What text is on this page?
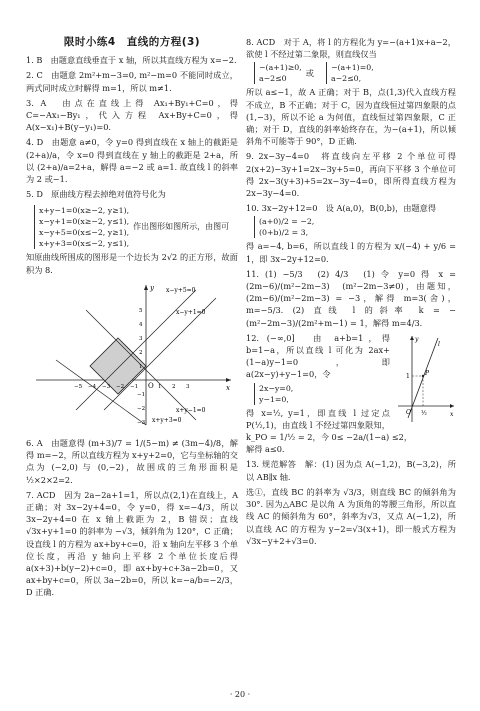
限时小练4　直线的方程(3)

1. B　由题意直线垂直于 x 轴，所以其直线方程为 x=−2.

2. C　由题意 2m²+m−3=0, m²−m=0 不能同时成立，两式同时成立时解得 m=1，所以 m≠1.

3. A　由点在直线上得 Ax₁+By₁+C=0，得 C=−Ax₁−By₁，代入方程 Ax+By+C=0，得 A(x−x₁)+B(y−y₁)=0.

4. D　由题意 a≠0，令 y=0 得到直线在 x 轴上的截距是 (2+a)/a，令 x=0 得到直线在 y 轴上的截距是 2+a，所以 (2+a)/a=2+a，解得 a=−2 或 a=1. 故直线 l 的斜率为 2 或−1.

5. D　原曲线方程去掉绝对值符号化为

x+y−1=0(x≥−2, y≥1),
x−y+1=0(x≥−2, y≤1),
x−y+5=0(x≤−2, y≥1),
x+y+3=0(x≤−2, y≤1),
作出图形如图所示，由图可

知原曲线所围成的图形是一个边长为 2√2 的正方形，故面积为 8.

x−y+5=0
x−y+1=0
x+y−1=0
x+y+3=0
O	x
y
−5 −4 −3 −2 −1	1 2 3
5
4
3
2
1
−1
−2
−3

6. A　由题意得 (m+3)/7 = 1/(5−m) ≠ (3m−4)/8，解得 m=−2，所以直线方程为 x+y+2=0，它与坐标轴的交点为 (−2,0) 与 (0,−2)，故围成的三角形面积是 ½×2×2=2.

7. ACD　因为 2a−2a+1=1，所以点(2,1)在直线上，A 正确；对 3x−2y+4=0，令 y=0，得 x=−4/3，所以 3x−2y+4=0 在 x 轴上截距为 2，B 错误；直线 √3x+y+1=0 的斜率为 −√3，倾斜角为 120°，C 正确；设直线 l 的方程为 ax+by+c=0，沿 x 轴向左平移 3 个单位长度，再沿 y 轴向上平移 2 个单位长度后得 a(x+3)+b(y−2)+c=0，即 ax+by+c+3a−2b=0，又 ax+by+c=0，所以 3a−2b=0，所以 k=−a/b=−2/3，D 正确.

8. ACD　对于 A，将 l 的方程化为 y=−(a+1)x+a−2，欲使 l 不经过第二象限，则直线仅当

−(a+1)≥0,
a−2≤0
或
−(a+1)=0,
a−2≤0,

所以 a≤−1，故 A 正确；对于 B，点(1,3)代入直线方程不成立，B 不正确；对于 C，因为直线恒过第四象限的点(1,−3)，所以不论 a 为何值，直线恒过第四象限，C 正确；对于 D，直线的斜率始终存在，为−(a+1)，所以倾斜角不可能等于 90°，D 正确.

9. 2x−3y−4=0　将直线向左平移 2 个单位可得 2(x+2)−3y+1=2x−3y+5=0，再向下平移 3 个单位可得 2x−3(y+3)+5=2x−3y−4=0，即所得直线方程为 2x−3y−4=0.

10. 3x−2y+12=0　设 A(a,0)，B(0,b)，由题意得

(a+0)/2 = −2,
(0+b)/2 = 3,

得 a=−4, b=6，所以直线 l 的方程为 x/(−4) + y/6 = 1，即 3x−2y+12=0.

11. (1) −5/3　(2) 4/3　(1) 令 y=0 得 x = (2m−6)/(m²−2m−3)　(m²−2m−3≠0)，由题知，(2m−6)/(m²−2m−3) = −3，解得 m=3(舍)，m=−5/3. (2) 直线 l 的斜率 k = −(m²−2m−3)/(2m²+m−1) = 1，解得 m=4/3.

P
O	x
y
1
½
l

12. (−∞,0]　由 a+b=1，得 b=1−a，所以直线 l 可化为 2ax+(1−a)y−1=0，即 a(2x−y)+y−1=0，令

2x−y=0,
y−1=0,

得 x=½, y=1，即直线 l 过定点 P(½,1)，由直线 l 不经过第四象限知，k_PO = 1/½ = 2，今 0≤ −2a/(1−a) ≤2，

解得 a≤0.

13. 规范解答　解：(1) 因为点 A(−1,2)，B(−3,2)，所以 AB∥x 轴.

选①，直线 BC 的斜率为 √3/3，则直线 BC 的倾斜角为 30°. 因为△ABC 是以角 A 为顶角的等腰三角形，所以直线 AC 的倾斜角为 60°，斜率为√3，又点 A(−1,2)，所以直线 AC 的方程为 y−2=√3(x+1)，即一般式方程为 √3x−y+2+√3=0.

· 20 ·
